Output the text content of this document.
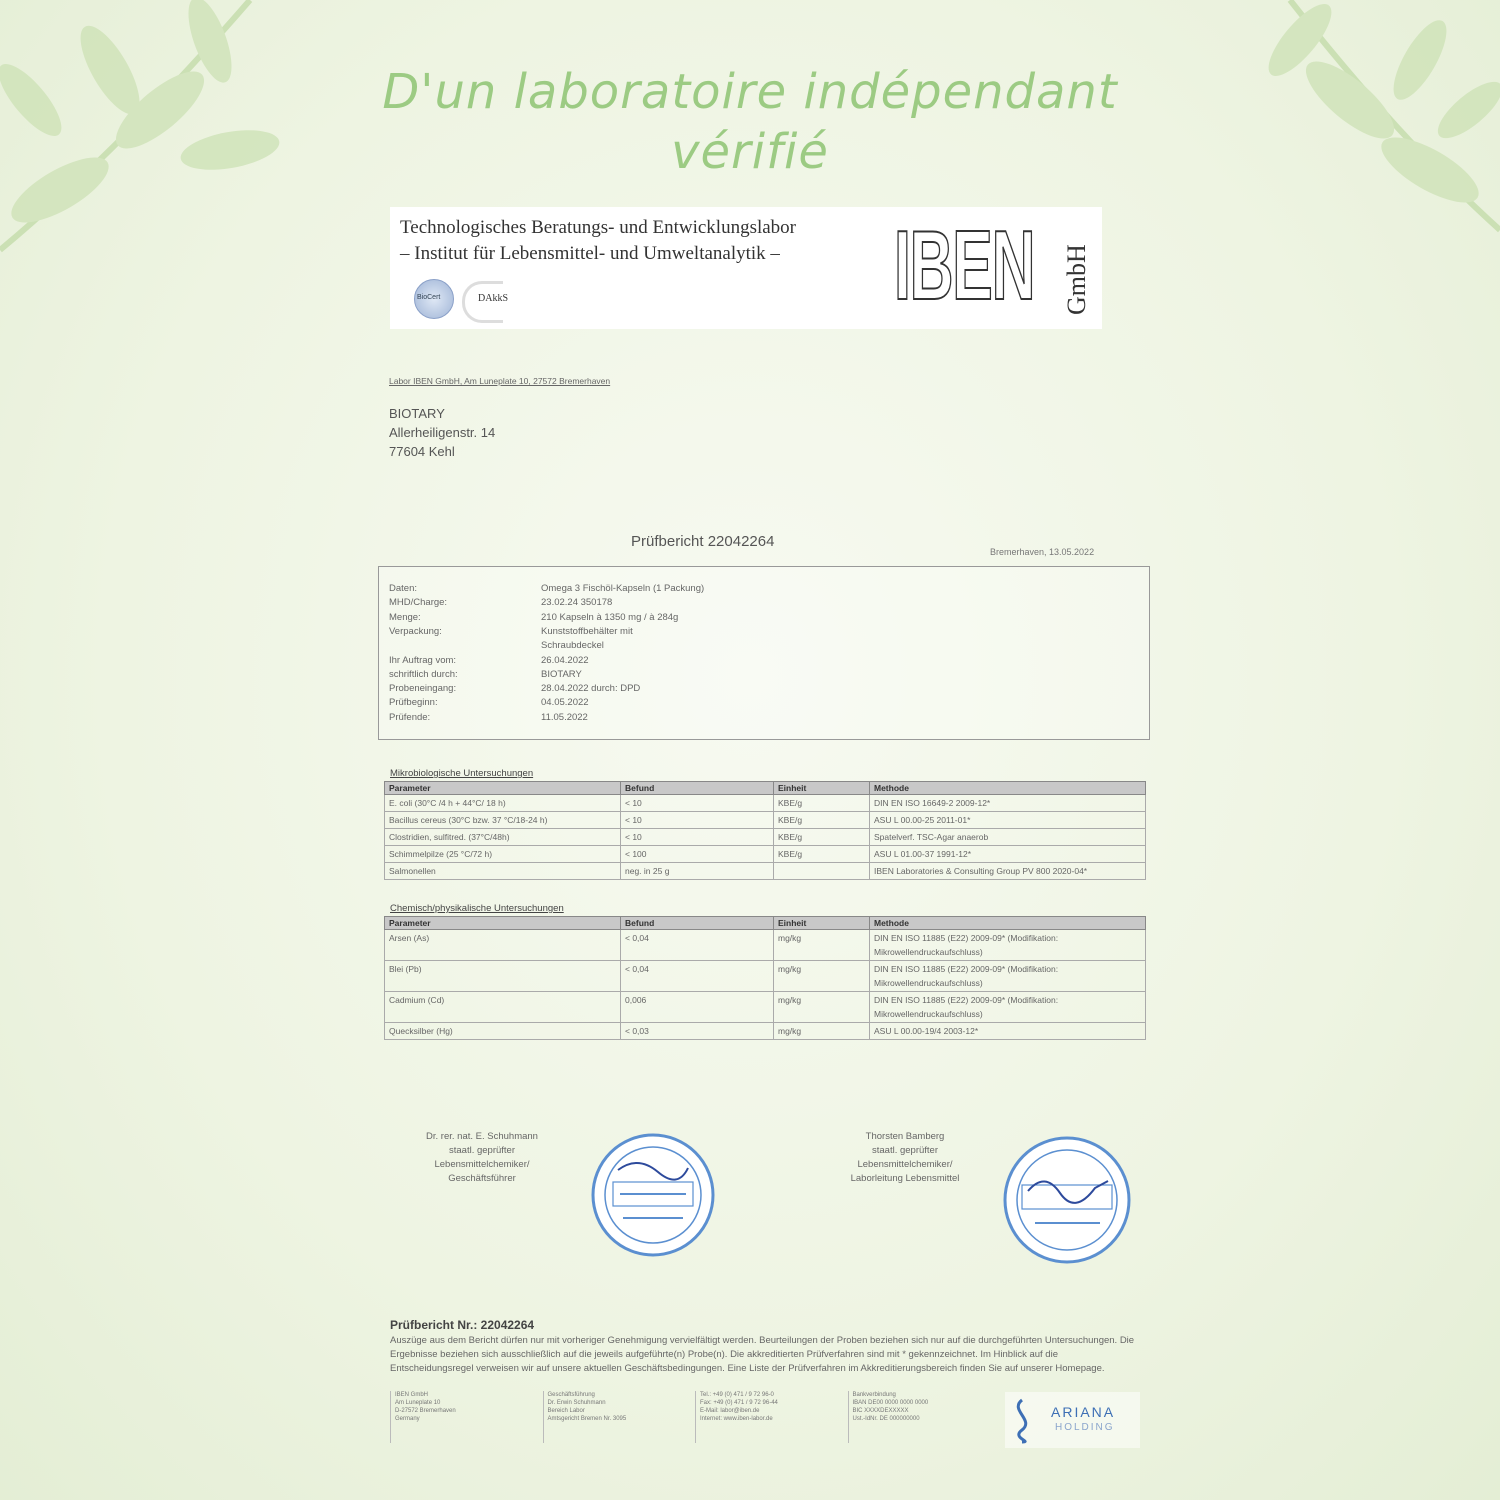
D'un laboratoire indépendant
vérifié
Technologisches Beratungs- und Entwicklungslabor
– Institut für Lebensmittel- und Umweltanalytik –
BioCert	DAkkS	IBEN GmbH
Labor IBEN GmbH, Am Luneplate 10, 27572 Bremerhaven
BIOTARY
Allerheiligenstr. 14
77604 Kehl
Prüfbericht 22042264
Bremerhaven, 13.05.2022
Daten:	Omega 3 Fischöl-Kapseln (1 Packung)
MHD/Charge:	23.02.24 350178
Menge:	210 Kapseln à 1350 mg / à 284g
Verpackung:	Kunststoffbehälter mit
Schraubdeckel
Ihr Auftrag vom:	26.04.2022
schriftlich durch:	BIOTARY
Probeneingang:	28.04.2022 durch: DPD
Prüfbeginn:	04.05.2022
Prüfende:	11.05.2022
Mikrobiologische Untersuchungen
Parameter	Befund	Einheit	Methode
E. coli (30°C /4 h + 44°C/ 18 h)	< 10	KBE/g	DIN EN ISO 16649-2 2009-12*
Bacillus cereus (30°C bzw. 37 °C/18-24 h)	< 10	KBE/g	ASU L 00.00-25 2011-01*
Clostridien, sulfitred. (37°C/48h)	< 10	KBE/g	Spatelverf. TSC-Agar anaerob
Schimmelpilze (25 °C/72 h)	< 100	KBE/g	ASU L 01.00-37 1991-12*
Salmonellen	neg. in 25 g		IBEN Laboratories & Consulting Group PV 800 2020-04*
Chemisch/physikalische Untersuchungen
Parameter	Befund	Einheit	Methode
Arsen (As)	< 0,04	mg/kg	DIN EN ISO 11885 (E22) 2009-09* (Modifikation: Mikrowellendruckaufschluss)
Blei (Pb)	< 0,04	mg/kg	DIN EN ISO 11885 (E22) 2009-09* (Modifikation: Mikrowellendruckaufschluss)
Cadmium (Cd)	0,006	mg/kg	DIN EN ISO 11885 (E22) 2009-09* (Modifikation: Mikrowellendruckaufschluss)
Quecksilber (Hg)	< 0,03	mg/kg	ASU L 00.00-19/4 2003-12*
Dr. rer. nat. E. Schuhmann
staatl. geprüfter
Lebensmittelchemiker/
Geschäftsführer
Thorsten Bamberg
staatl. geprüfter
Lebensmittelchemiker/
Laborleitung Lebensmittel
Prüfbericht Nr.: 22042264
Auszüge aus dem Bericht dürfen nur mit vorheriger Genehmigung vervielfältigt werden. Beurteilungen der Proben beziehen sich nur auf die durchgeführten Untersuchungen. Die Ergebnisse beziehen sich ausschließlich auf die jeweils aufgeführte(n) Probe(n). Die akkreditierten Prüfverfahren sind mit * gekennzeichnet. Im Hinblick auf die Entscheidungsregel verweisen wir auf unsere aktuellen Geschäftsbedingungen. Eine Liste der Prüfverfahren im Akkreditierungsbereich finden Sie auf unserer Homepage.
IBEN GmbH
Am Luneplate 10
D-27572 Bremerhaven
Germany
Geschäftsführung
Dr. Erwin Schuhmann
Bereich Labor
Amtsgericht Bremen Nr. 3095
Tel.: +49 (0) 471 / 9 72 96-0
Fax: +49 (0) 471 / 9 72 96-44
E-Mail: labor@iben.de
Internet: www.iben-labor.de
Bankverbindung
IBAN DE00 0000 0000 0000
BIC XXXXDEXXXXX
Ust.-IdNr. DE 000000000	ARIANA
HOLDING
